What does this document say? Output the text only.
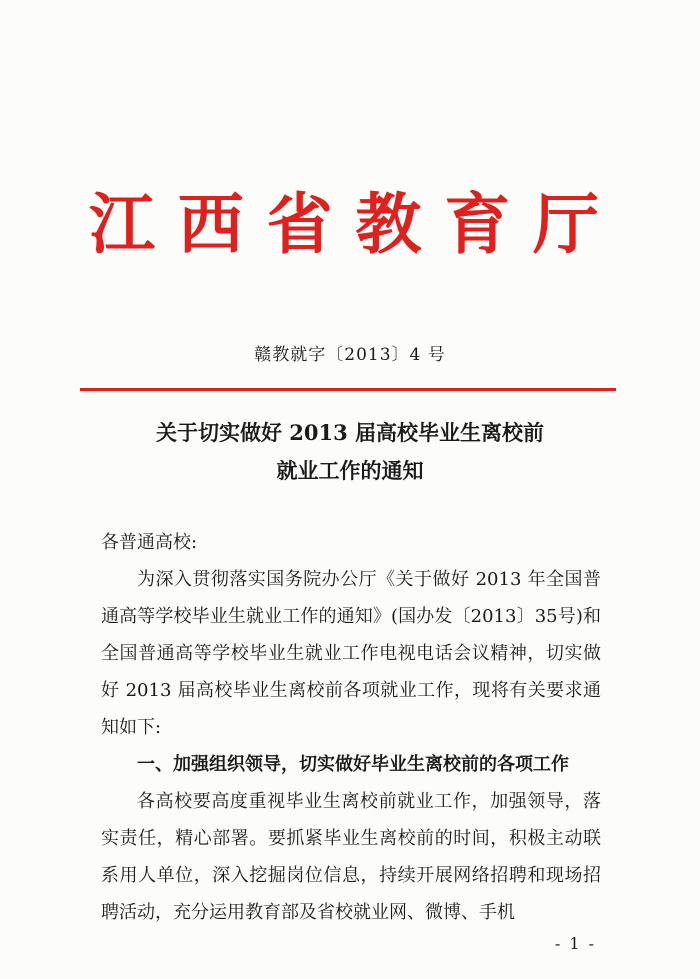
江 西 省 教 育 厅
赣教就字〔2013〕4 号
关于切实做好 2013 届高校毕业生离校前
就业工作的通知

各普通高校:

为深入贯彻落实国务院办公厅《关于做好 2013 年全国普通高等学校毕业生就业工作的通知》(国办发〔2013〕35号)和全国普通高等学校毕业生就业工作电视电话会议精神，切实做好 2013 届高校毕业生离校前各项就业工作，现将有关要求通知如下:

一、加强组织领导，切实做好毕业生离校前的各项工作

各高校要高度重视毕业生离校前就业工作，加强领导，落实责任，精心部署。要抓紧毕业生离校前的时间，积极主动联系用人单位，深入挖掘岗位信息，持续开展网络招聘和现场招聘活动，充分运用教育部及省校就业网、微博、手机

- 1 -
